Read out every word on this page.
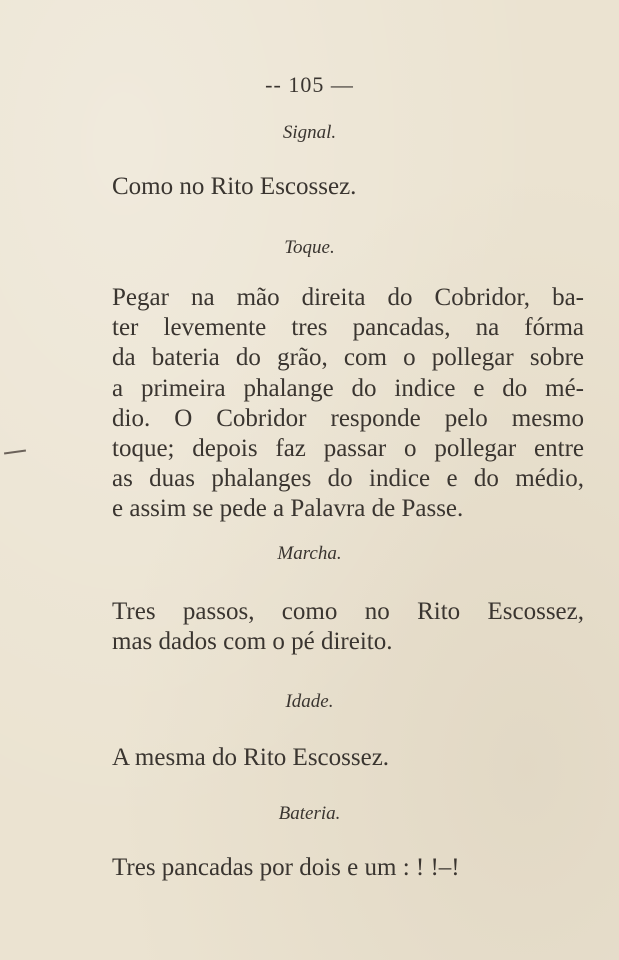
-- 105 —
Signal.
Como no Rito Escossez.
Toque.
Pegar na mão direita do Cobridor, ba-
ter levemente tres pancadas, na fórma
da bateria do grão, com o pollegar sobre
a primeira phalange do indice e do mé-
dio. O Cobridor responde pelo mesmo
toque; depois faz passar o pollegar entre
as duas phalanges do indice e do médio,
e assim se pede a Palavra de Passe.
Marcha.
Tres passos, como no Rito Escossez,
mas dados com o pé direito.
Idade.
A mesma do Rito Escossez.
Bateria.
Tres pancadas por dois e um : ! !–!
